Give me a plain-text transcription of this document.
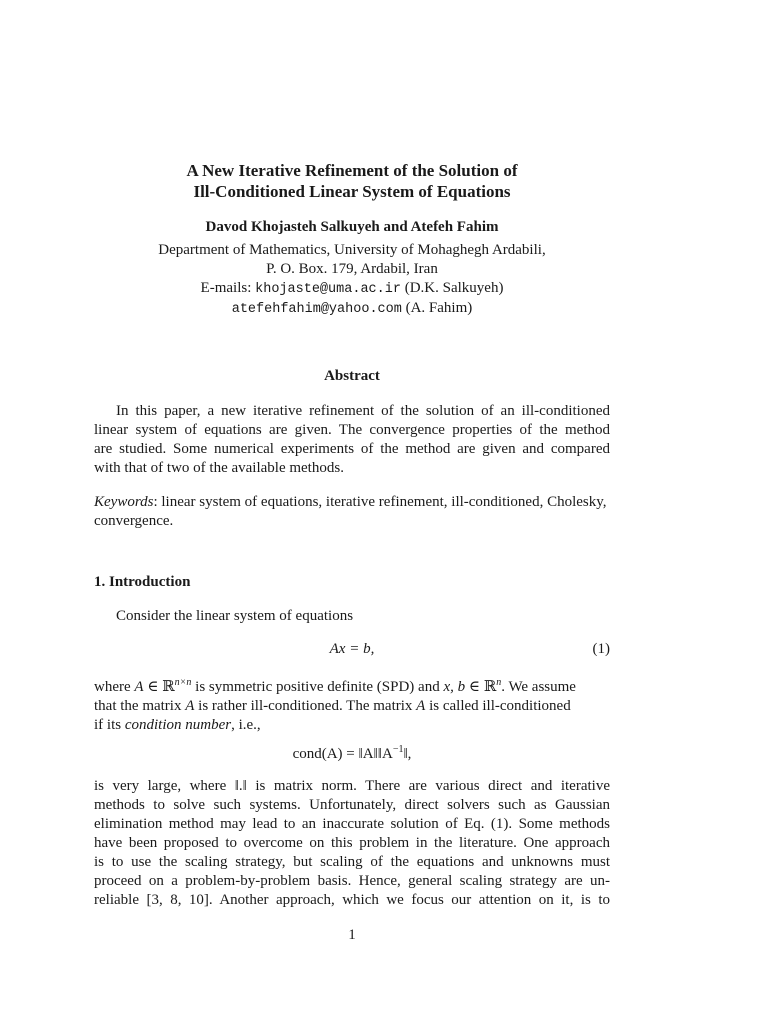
A New Iterative Refinement of the Solution of
Ill-Conditioned Linear System of Equations
Davod Khojasteh Salkuyeh and Atefeh Fahim
Department of Mathematics, University of Mohaghegh Ardabili,
P. O. Box. 179, Ardabil, Iran
E-mails: khojaste@uma.ac.ir (D.K. Salkuyeh)
atefehfahim@yahoo.com (A. Fahim)
Abstract
In this paper, a new iterative refinement of the solution of an ill-conditioned
linear system of equations are given. The convergence properties of the method
are studied. Some numerical experiments of the method are given and compared
with that of two of the available methods.
Keywords: linear system of equations, iterative refinement, ill-conditioned, Cholesky,
convergence.
1. Introduction
Consider the linear system of equations
Ax = b,	(1)
where A ∈ ℝ$^{n\times n}$ is symmetric positive definite (SPD) and x, b ∈ ℝ$^n$. We assume
that the matrix A is rather ill-conditioned. The matrix A is called ill-conditioned
if its condition number, i.e.,
cond(A) = $‖A‖‖A^{-1}‖$,
is very large, where ‖.‖ is matrix norm. There are various direct and iterative
methods to solve such systems. Unfortunately, direct solvers such as Gaussian
elimination method may lead to an inaccurate solution of Eq. (1). Some methods
have been proposed to overcome on this problem in the literature. One approach
is to use the scaling strategy, but scaling of the equations and unknowns must
proceed on a problem-by-problem basis. Hence, general scaling strategy are un-
reliable [3, 8, 10]. Another approach, which we focus our attention on it, is to
1
